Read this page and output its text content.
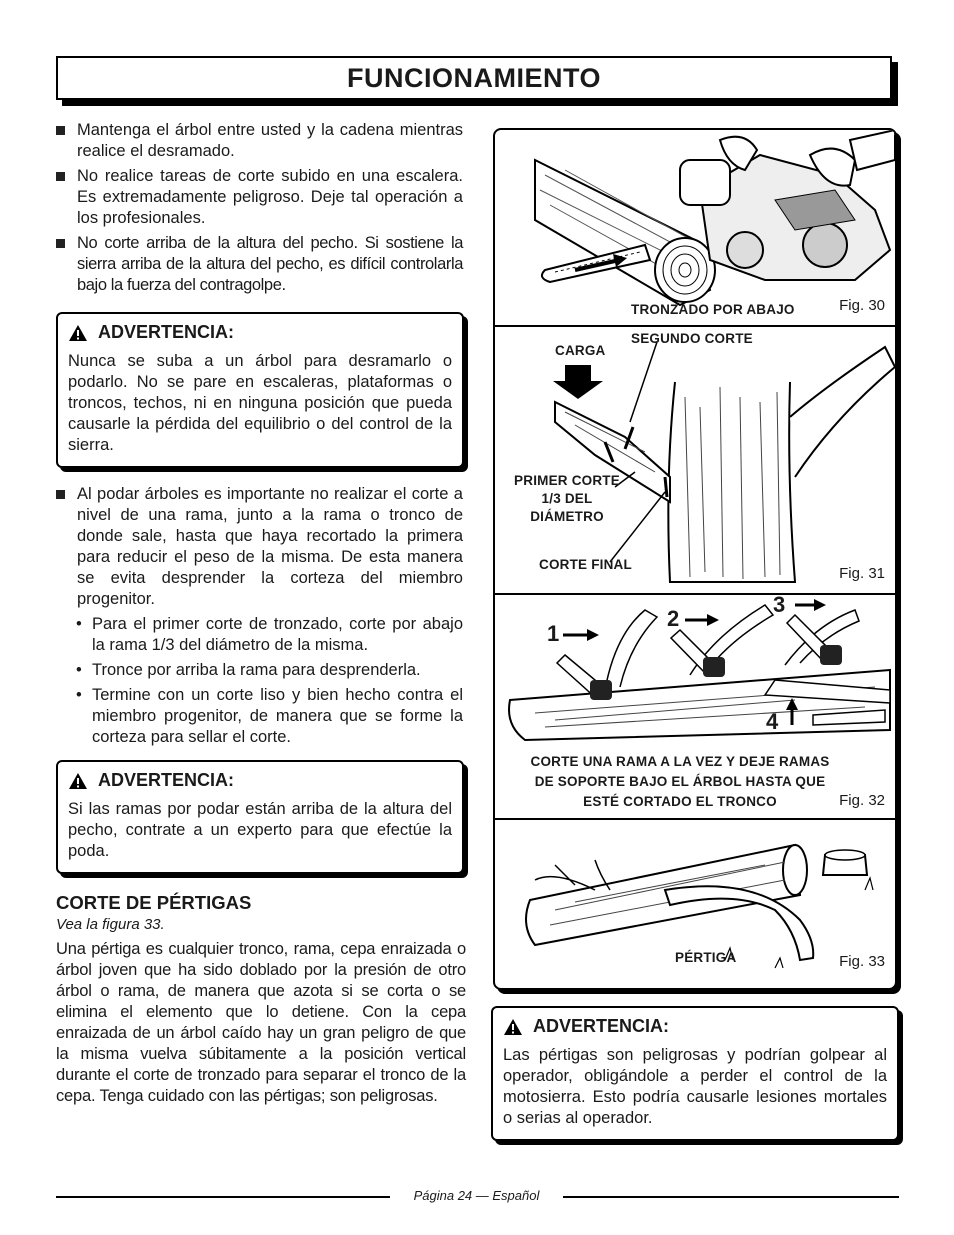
FUNCIONAMIENTO
Mantenga el árbol entre usted y la cadena mientras realice el desramado.
No realice tareas de corte subido en una escalera. Es extremadamente peligroso. Deje tal operación a los profesionales.
No corte arriba de la altura del pecho. Si sostiene la sierra arriba de la altura del pecho, es difícil controlarla bajo la fuerza del contragolpe.
ADVERTENCIA:
Nunca se suba a un árbol para desramarlo o podarlo. No se pare en escaleras, plataformas o troncos, techos, ni en ninguna posición que pueda causarle la pérdida del equilibrio o del control de la sierra.
Al podar árboles es importante no realizar el corte a nivel de una rama, junto a la rama o tronco de donde sale, hasta que haya recortado la primera para reducir el peso de la misma. De esta manera se evita desprender la corteza del miembro progenitor.
• Para el primer corte de tronzado, corte por abajo la rama 1/3 del diámetro de la misma.
• Tronce por arriba la rama para desprenderla.
• Termine con un corte liso y bien hecho contra el miembro progenitor, de manera que se forme la corteza para sellar el corte.
ADVERTENCIA:
Si las ramas por podar están arriba de la altura del pecho, contrate a un experto para que efectúe la poda.
CORTE DE PÉRTIGAS
Vea la figura 33.
Una pértiga es cualquier tronco, rama, cepa enraizada o árbol joven que ha sido doblado por la presión de otro árbol o rama, de manera que azota si se corta o se elimina el elemento que lo detiene. Con la cepa enraizada de un árbol caído hay un gran peligro de que la misma vuelva súbitamente a la posición vertical durante el corte de tronzado para separar el tronco de la cepa. Tenga cuidado con las pértigas; son peligrosas.
TRONZADO POR ABAJO	Fig. 30
CARGA
SEGUNDO CORTE
PRIMER CORTE
1/3 DEL
DIÁMETRO
CORTE FINAL
Fig. 31
1
2
3
4
CORTE UNA RAMA A LA VEZ Y DEJE RAMAS
DE SOPORTE BAJO EL ÁRBOL HASTA QUE
ESTÉ CORTADO EL TRONCO	Fig. 32
PÉRTIGA	Fig. 33
ADVERTENCIA:
Las pértigas son peligrosas y podrían golpear al operador, obligándole a perder el control de la motosierra. Esto podría causarle lesiones mortales o serias al operador.
Página 24 — Español
